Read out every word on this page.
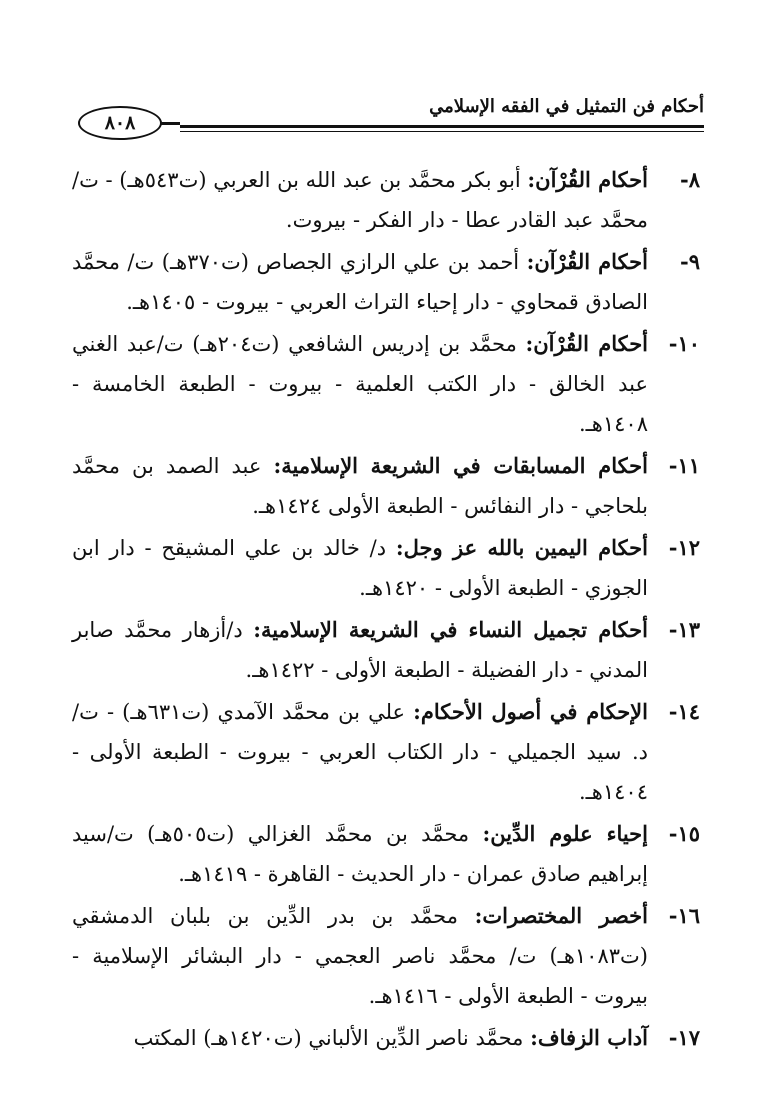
أحكام فن التمثيل في الفقه الإسلامي
٨٠٨
٨-
أحكام القُرْآن: أبو بكر محمَّد بن عبد الله بن العربي (ت٥٤٣هـ) - ت/ محمَّد عبد القادر عطا - دار الفكر - بيروت.
٩-
أحكام القُرْآن: أحمد بن علي الرازي الجصاص (ت٣٧٠هـ) ت/ محمَّد الصادق قمحاوي - دار إحياء التراث العربي - بيروت - ١٤٠٥هـ.
١٠-
أحكام القُرْآن: محمَّد بن إدريس الشافعي (ت٢٠٤هـ) ت/عبد الغني عبد الخالق - دار الكتب العلمية - بيروت - الطبعة الخامسة - ١٤٠٨هـ.
١١-
أحكام المسابقات في الشريعة الإسلامية: عبد الصمد بن محمَّد بلحاجي - دار النفائس - الطبعة الأولى ١٤٢٤هـ.
١٢-
أحكام اليمين بالله عز وجل: د/ خالد بن علي المشيقح - دار ابن الجوزي - الطبعة الأولى - ١٤٢٠هـ.
١٣-
أحكام تجميل النساء في الشريعة الإسلامية: د/أزهار محمَّد صابر المدني - دار الفضيلة - الطبعة الأولى - ١٤٢٢هـ.
١٤-
الإحكام في أصول الأحكام: علي بن محمَّد الآمدي (ت٦٣١هـ) - ت/د. سيد الجميلي - دار الكتاب العربي - بيروت - الطبعة الأولى - ١٤٠٤هـ.
١٥-
إحياء علوم الدِّين: محمَّد بن محمَّد الغزالي (ت٥٠٥هـ) ت/سيد إبراهيم صادق عمران - دار الحديث - القاهرة - ١٤١٩هـ.
١٦-
أخصر المختصرات: محمَّد بن بدر الدِّين بن بلبان الدمشقي (ت١٠٨٣هـ) ت/ محمَّد ناصر العجمي - دار البشائر الإسلامية - بيروت - الطبعة الأولى - ١٤١٦هـ.
١٧-
آداب الزفاف: محمَّد ناصر الدِّين الألباني (ت١٤٢٠هـ) المكتب
